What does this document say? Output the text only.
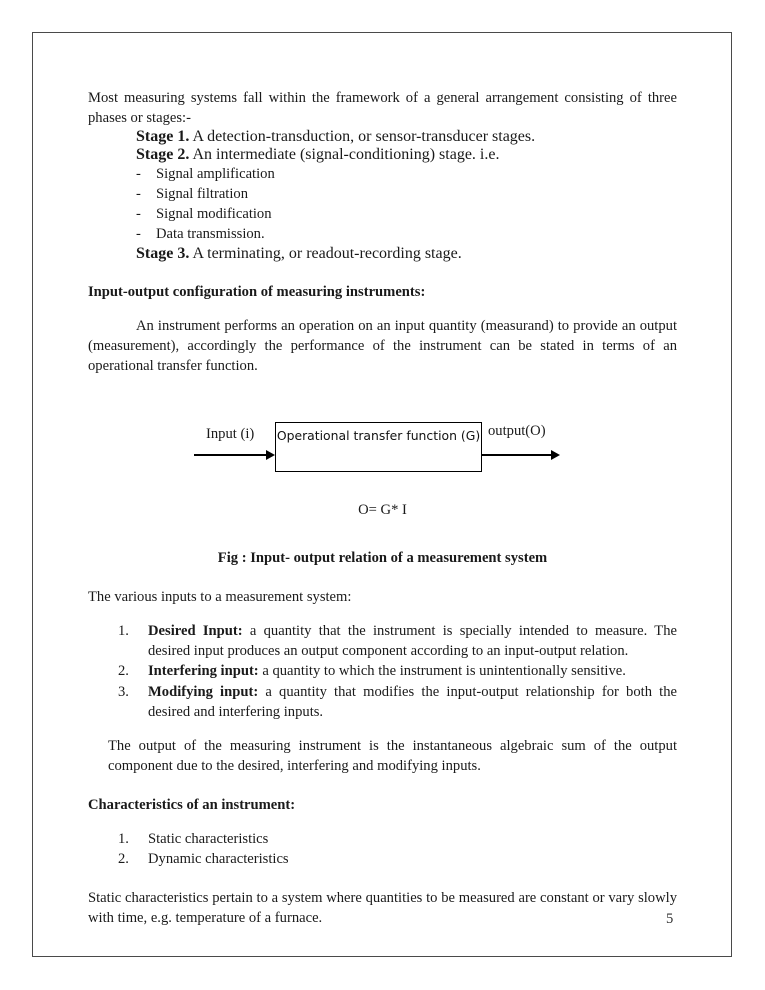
Most measuring systems fall within the framework of a general arrangement consisting of three phases or stages:-

Stage 1. A detection-transduction, or sensor-transducer stages.
Stage 2. An intermediate (signal-conditioning) stage. i.e.
- Signal amplification
- Signal filtration
- Signal modification
- Data transmission.
Stage 3. A terminating, or readout-recording stage.
Input-output configuration of measuring instruments:

An instrument performs an operation on an input quantity (measurand) to provide an output (measurement), accordingly the performance of the instrument can be stated in terms of an operational transfer function.

Input (i) Operational transfer function (G) output(O)
O= G* I
Fig : Input- output relation of a measurement system

The various inputs to a measurement system:

1. Desired Input: a quantity that the instrument is specially intended to measure. The desired input produces an output component according to an input-output relation.
2. Interfering input: a quantity to which the instrument is unintentionally sensitive.
3. Modifying input: a quantity that modifies the input-output relationship for both the desired and interfering inputs.

The output of the measuring instrument is the instantaneous algebraic sum of the output component due to the desired, interfering and modifying inputs.

Characteristics of an instrument:
1. Static characteristics
2. Dynamic characteristics

Static characteristics pertain to a system where quantities to be measured are constant or vary slowly with time, e.g. temperature of a furnace.	5
